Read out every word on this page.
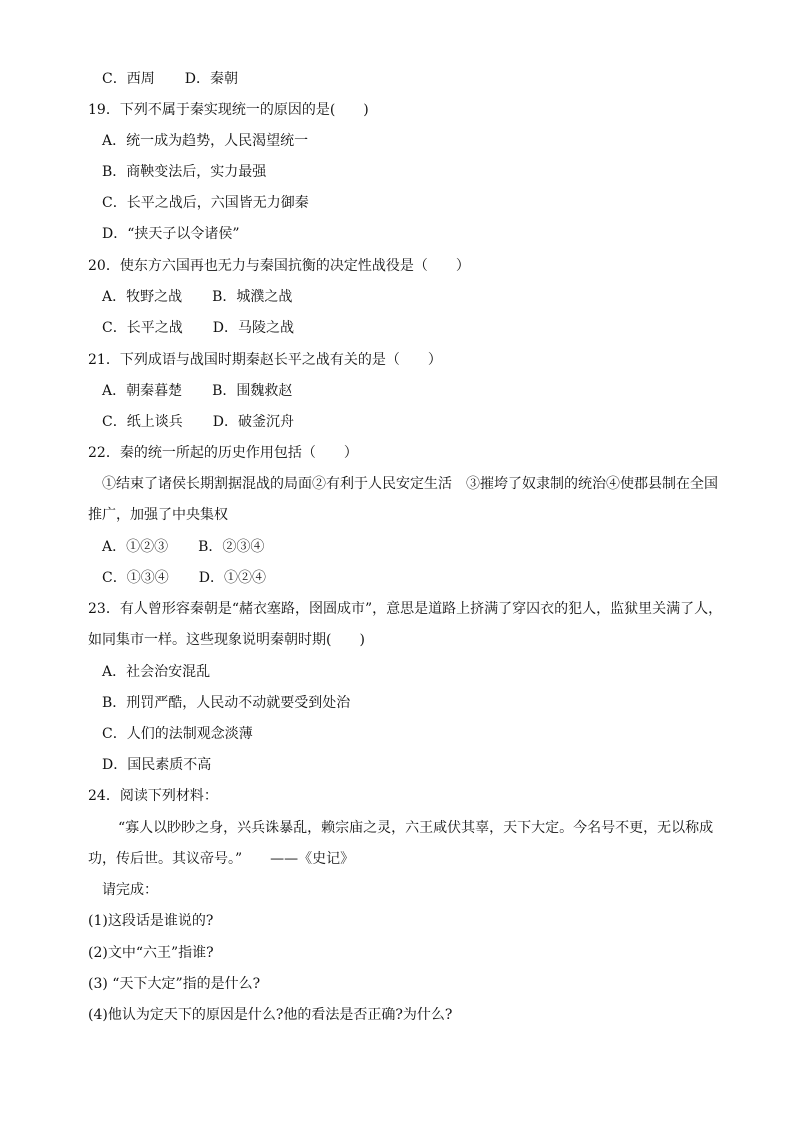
C．西周 D．秦朝
19．下列不属于秦实现统一的原因的是(　　)
A．统一成为趋势，人民渴望统一
B．商鞅变法后，实力最强
C．长平之战后，六国皆无力御秦
D．“挟天子以令诸侯”
20．使东方六国再也无力与秦国抗衡的决定性战役是（　　）
A．牧野之战 B．城濮之战
C．长平之战 D．马陵之战
21．下列成语与战国时期秦赵长平之战有关的是（　　）
A．朝秦暮楚 B．围魏救赵
C．纸上谈兵 D．破釜沉舟
22．秦的统一所起的历史作用包括（　　）
①结束了诸侯长期割据混战的局面②有利于人民安定生活　③摧垮了奴隶制的统治④使郡县制在全国
推广，加强了中央集权
A．①②③ B．②③④
C．①③④ D．①②④
23．有人曾形容秦朝是“赭衣塞路，囹圄成市”，意思是道路上挤满了穿囚衣的犯人，监狱里关满了人，
如同集市一样。这些现象说明秦朝时期(　　)
A．社会治安混乱
B．刑罚严酷，人民动不动就要受到处治
C．人们的法制观念淡薄
D．国民素质不高
24．阅读下列材料：
“寡人以眇眇之身，兴兵诛暴乱，赖宗庙之灵，六王咸伏其辜，天下大定。今名号不更，无以称成
功，传后世。其议帝号。” ——《史记》
请完成：
(1)这段话是谁说的?
(2)文中“六王”指谁?
(3) “天下大定”指的是什么?
(4)他认为定天下的原因是什么?他的看法是否正确?为什么?
